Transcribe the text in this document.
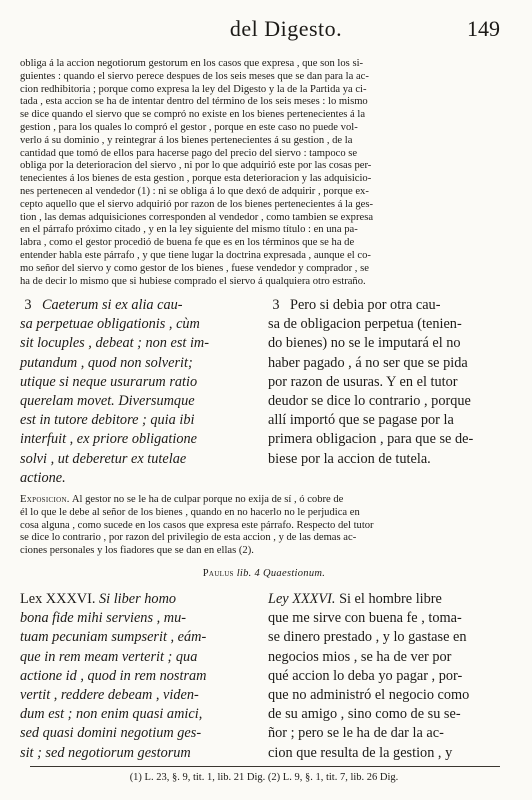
del Digesto.	149

obliga á la accion negotiorum gestorum en los casos que expresa , que son los si-

guientes : quando el siervo perece despues de los seis meses que se dan para la ac-

cion redhibitoria ; porque como expresa la ley del Digesto y la de la Partida ya ci-

tada , esta accion se ha de intentar dentro del término de los seis meses : lo mismo

se dice quando el siervo que se compró no existe en los bienes pertenecientes á la

gestion , para los quales lo compró el gestor , porque en este caso no puede vol-

verlo á su dominio , y reintegrar á los bienes pertenecientes á su gestion , de la

cantidad que tomó de ellos para hacerse pago del precio del siervo : tampoco se

obliga por la deterioracion del siervo , ni por lo que adquirió este por las cosas per-

tenecientes á los bienes de esta gestion , porque esta deterioracion y las adquisicio-

nes pertenecen al vendedor (1) : ni se obliga á lo que dexó de adquirir , porque ex-

cepto aquello que el siervo adquirió por razon de los bienes pertenecientes á la ges-

tion , las demas adquisiciones corresponden al vendedor , como tambien se expresa

en el párrafo próximo citado , y en la ley siguiente del mismo título : en una pa-

labra , como el gestor procedió de buena fe que es en los términos que se ha de

entender habla este párrafo , y que tiene lugar la doctrina expresada , aunque el co-

mo señor del siervo y como gestor de los bienes , fuese vendedor y comprador , se

ha de decir lo mismo que si hubiese comprado el siervo á qualquiera otro estraño.

3 Caeterum si ex alia cau-

sa perpetuae obligationis , cùm

sit locuples , debeat ; non est im-

putandum , quod non solverit;

utique si neque usurarum ratio

querelam movet. Diversumque

est in tutore debitore ; quia ibi

interfuit , ex priore obligatione

solvi , ut deberetur ex tutelae

actione.

3 Pero si debia por otra cau-

sa de obligacion perpetua (tenien-

do bienes) no se le imputará el no

haber pagado , á no ser que se pida

por razon de usuras. Y en el tutor

deudor se dice lo contrario , porque

allí importó que se pagase por la

primera obligacion , para que se de-

biese por la accion de tutela.

Exposicion. Al gestor no se le ha de culpar porque no exija de sí , ó cobre de

él lo que le debe al señor de los bienes , quando en no hacerlo no le perjudica en

cosa alguna , como sucede en los casos que expresa este párrafo. Respecto del tutor

se dice lo contrario , por razon del privilegio de esta accion , y de las demas ac-

ciones personales y los fiadores que se dan en ellas (2).

Paulus lib. 4 Quaestionum.

Lex XXXVI. Si liber homo

bona fide mihi serviens , mu-

tuam pecuniam sumpserit , eám-

que in rem meam verterit ; qua

actione id , quod in rem nostram

vertit , reddere debeam , viden-

dum est ; non enim quasi amici,

sed quasi domini negotium ges-

sit ; sed negotiorum gestorum

Ley XXXVI. Si el hombre libre

que me sirve con buena fe , toma-

se dinero prestado , y lo gastase en

negocios mios , se ha de ver por

qué accion lo deba yo pagar , por-

que no administró el negocio como

de su amigo , sino como de su se-

ñor ; pero se le ha de dar la ac-

cion que resulta de la gestion , y

(1) L. 23, §. 9, tit. 1, lib. 21 Dig. (2) L. 9, §. 1, tit. 7, lib. 26 Dig.
